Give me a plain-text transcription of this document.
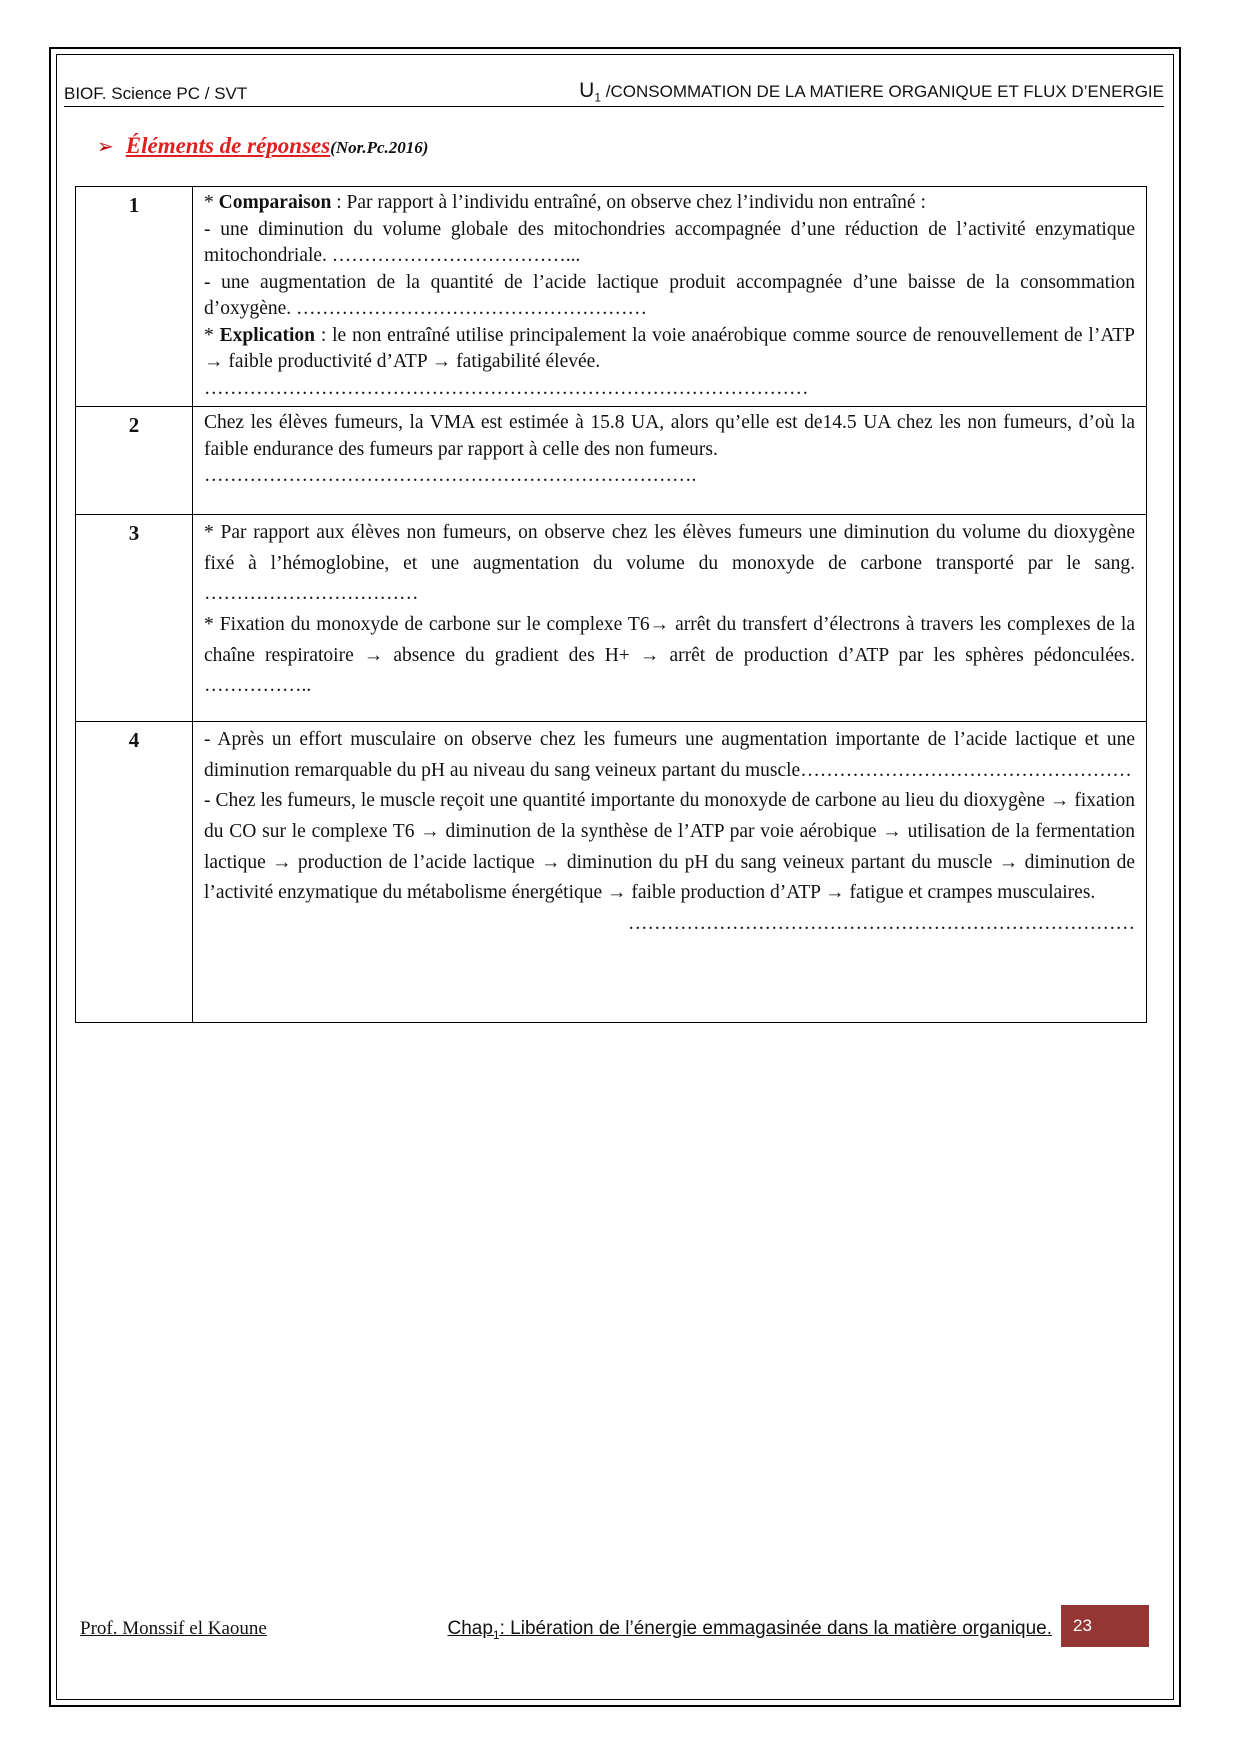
BIOF. Science PC / SVT	$U_1$ /CONSOMMATION DE LA MATIERE ORGANIQUE ET FLUX D’ENERGIE
➢ Éléments de réponses(Nor.Pc.2016)
1	* Comparaison : Par rapport à l’individu entraîné, on observe chez l’individu non entraîné :

- une diminution du volume globale des mitochondries accompagnée d’une réduction de l’activité enzymatique mitochondriale. ………………………………...

- une augmentation de la quantité de l’acide lactique produit accompagnée d’une baisse de la consommation d’oxygène. ………………………………………………

* Explication : le non entraîné utilise principalement la voie anaérobique comme source de renouvellement de l’ATP → faible productivité d’ATP → fatigabilité élevée.

…………………………………………………………………………………

2	Chez les élèves fumeurs, la VMA est estimée à 15.8 UA, alors qu’elle est de14.5 UA chez les non fumeurs, d’où la faible endurance des fumeurs par rapport à celle des non fumeurs.

………………………………………………………………….

3	* Par rapport aux élèves non fumeurs, on observe chez les élèves fumeurs une diminution du volume du dioxygène fixé à l’hémoglobine, et une augmentation du volume du monoxyde de carbone transporté par le sang. ……………………………

* Fixation du monoxyde de carbone sur le complexe T6→ arrêt du transfert d’électrons à travers les complexes de la chaîne respiratoire → absence du gradient des H+ → arrêt de production d’ATP par les sphères pédonculées. ……………..

4	- Après un effort musculaire on observe chez les fumeurs une augmentation importante de l’acide lactique et une diminution remarquable du pH au niveau du sang veineux partant du muscle……………………………………………

- Chez les fumeurs, le muscle reçoit une quantité importante du monoxyde de carbone au lieu du dioxygène → fixation du CO sur le complexe T6 → diminution de la synthèse de l’ATP par voie aérobique → utilisation de la fermentation lactique → production de l’acide lactique → diminution du pH du sang veineux partant du muscle → diminution de l’activité enzymatique du métabolisme énergétique → faible production d’ATP → fatigue et crampes musculaires.

……………………………………………………………………

Prof. Monssif el Kaoune	Chap$_1$: Libération de l’énergie emmagasinée dans la matière organique.	23
